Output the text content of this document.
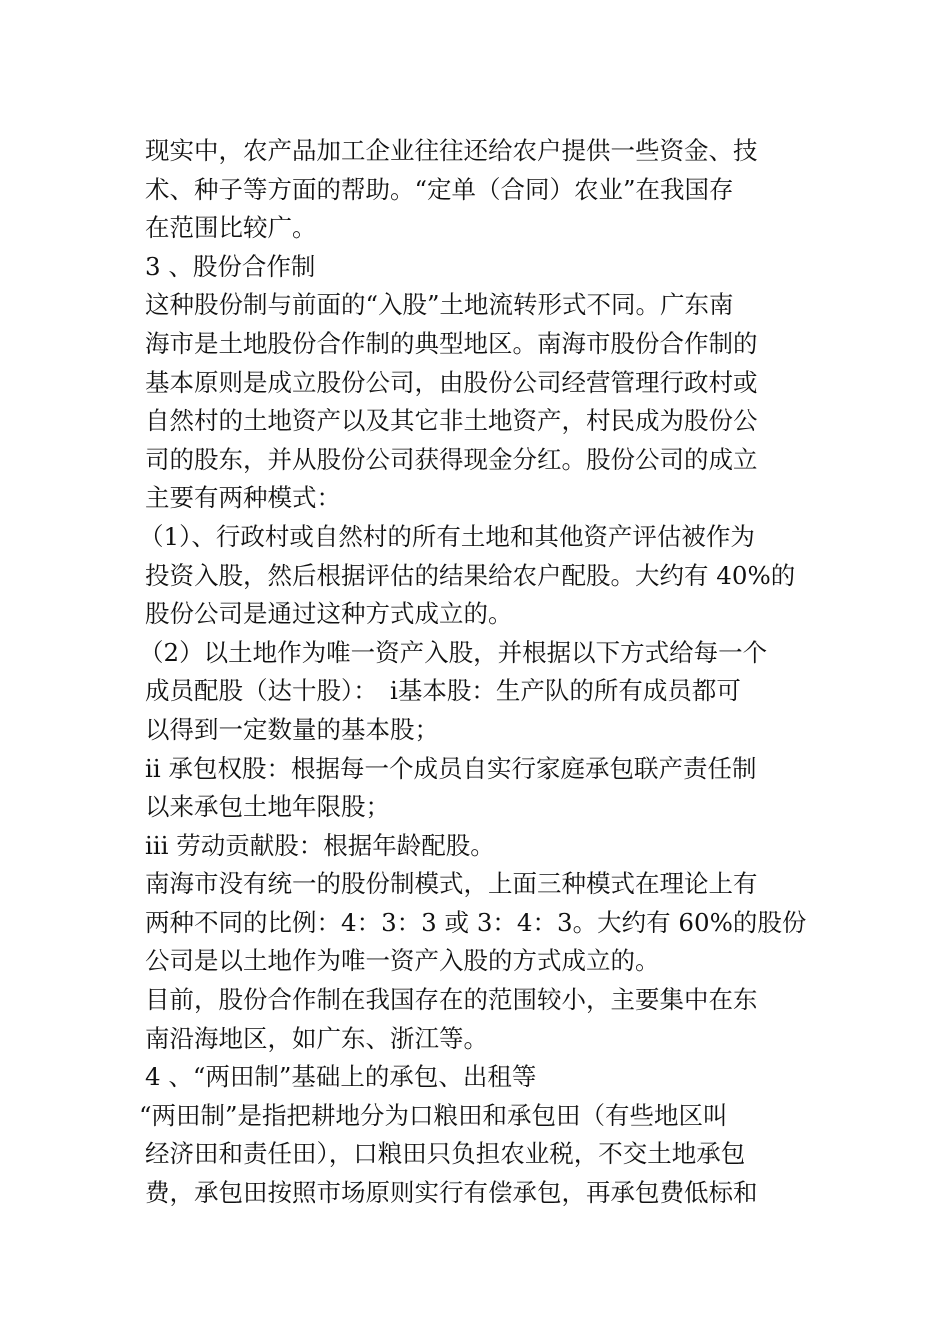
现实中，农产品加工企业往往还给农户提供一些资金、技
术、种子等方面的帮助。“定单（合同）农业”在我国存
在范围比较广。
3 、股份合作制
这种股份制与前面的“入股”土地流转形式不同。广东南
海市是土地股份合作制的典型地区。南海市股份合作制的
基本原则是成立股份公司，由股份公司经营管理行政村或
自然村的土地资产以及其它非土地资产，村民成为股份公
司的股东，并从股份公司获得现金分红。股份公司的成立
主要有两种模式：
（1）、行政村或自然村的所有土地和其他资产评估被作为
投资入股，然后根据评估的结果给农户配股。大约有 40%的
股份公司是通过这种方式成立的。
（2）以土地作为唯一资产入股，并根据以下方式给每一个
成员配股（达十股）：　ⅰ基本股：生产队的所有成员都可
以得到一定数量的基本股；
ⅱ 承包权股：根据每一个成员自实行家庭承包联产责任制
以来承包土地年限股；
ⅲ 劳动贡献股：根据年龄配股。
南海市没有统一的股份制模式，上面三种模式在理论上有
两种不同的比例：4：3：3 或 3：4：3。大约有 60%的股份
公司是以土地作为唯一资产入股的方式成立的。
目前，股份合作制在我国存在的范围较小，主要集中在东
南沿海地区，如广东、浙江等。
4 、“两田制”基础上的承包、出租等
“两田制”是指把耕地分为口粮田和承包田（有些地区叫
经济田和责任田），口粮田只负担农业税，不交土地承包
费，承包田按照市场原则实行有偿承包，再承包费低标和
